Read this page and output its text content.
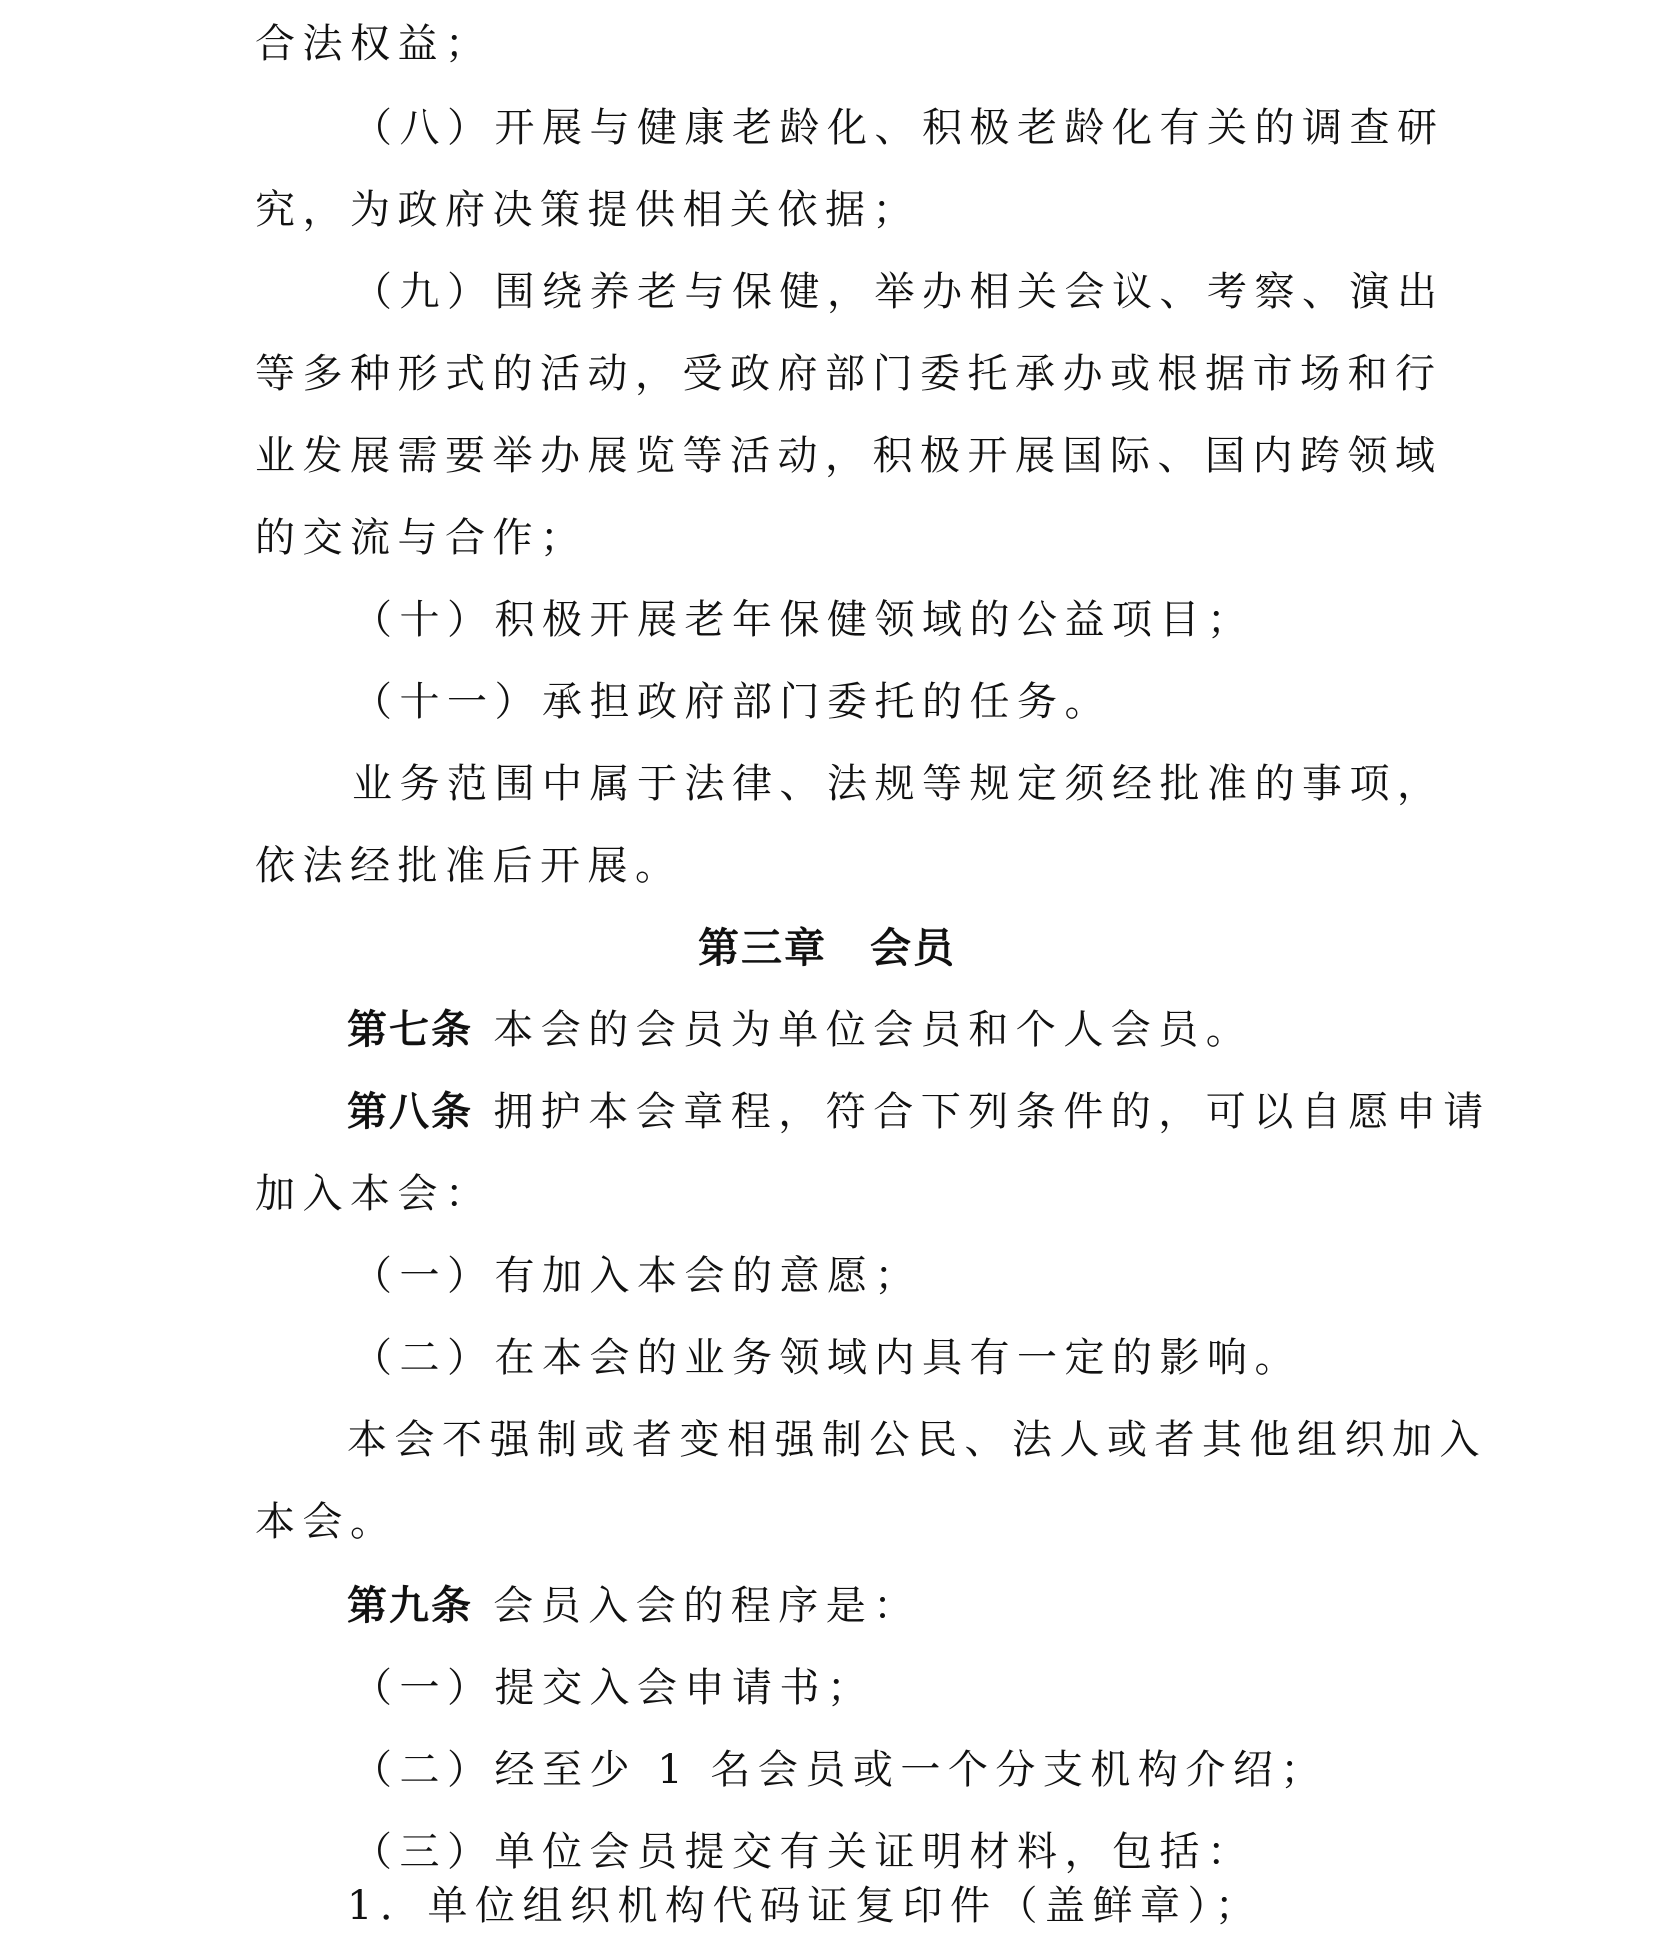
合法权益；
（八）开展与健康老龄化、积极老龄化有关的调查研
究，为政府决策提供相关依据；
（九）围绕养老与保健，举办相关会议、考察、演出
等多种形式的活动，受政府部门委托承办或根据市场和行
业发展需要举办展览等活动，积极开展国际、国内跨领域
的交流与合作；
（十）积极开展老年保健领域的公益项目；
（十一）承担政府部门委托的任务。
业务范围中属于法律、法规等规定须经批准的事项，
依法经批准后开展。
第三章　会员
第七条 本会的会员为单位会员和个人会员。
第八条 拥护本会章程，符合下列条件的，可以自愿申请
加入本会：
（一）有加入本会的意愿；
（二）在本会的业务领域内具有一定的影响。
本会不强制或者变相强制公民、法人或者其他组织加入
本会。
第九条 会员入会的程序是：
（一）提交入会申请书；
（二）经至少 1 名会员或一个分支机构介绍；
（三）单位会员提交有关证明材料，包括：
1．单位组织机构代码证复印件（盖鲜章）；
